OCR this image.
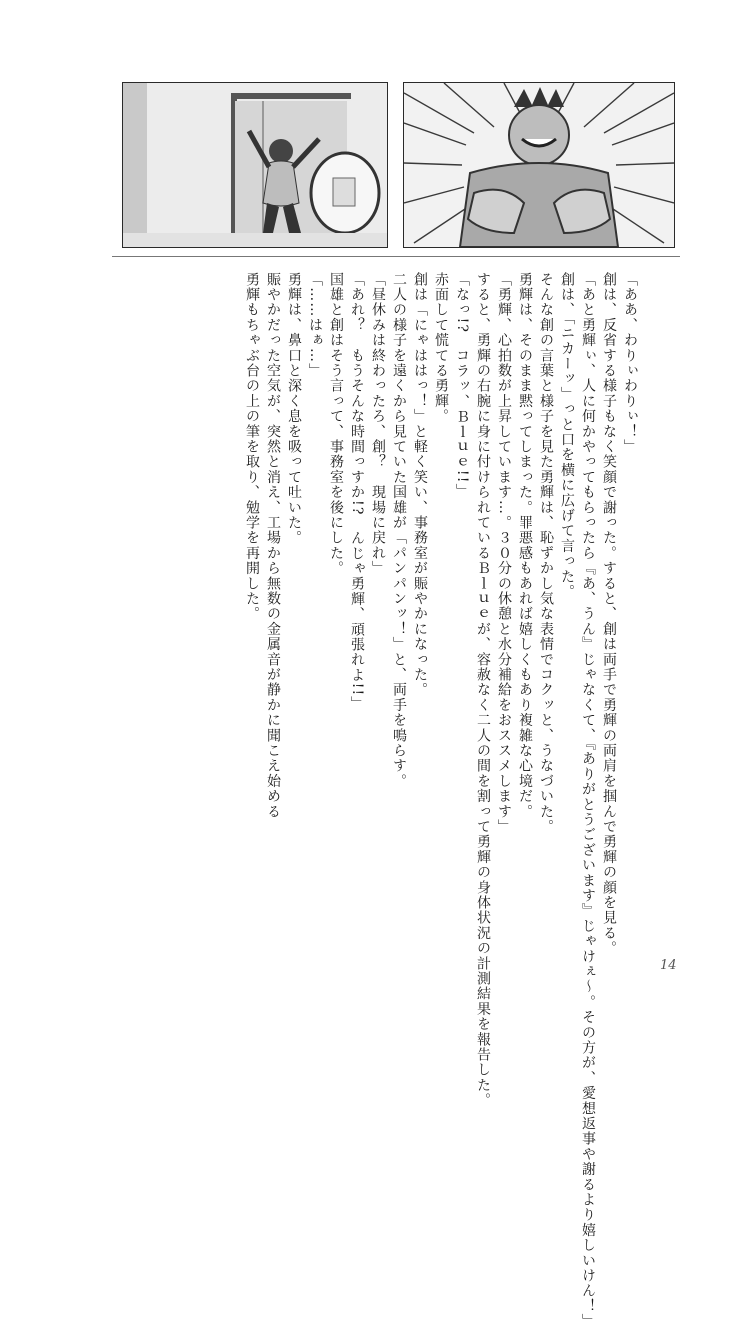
「ああ、わりぃわりぃ！」

創は、反省する様子もなく笑顔で謝った。すると、創は両手で勇輝の両肩を掴んで勇輝の顔を見る。

「あと勇輝ぃ、人に何かやってもらったら『あ、うん』じゃなくて、『ありがとうございます』じゃけぇ～。その方が、愛想返事や謝るより嬉しいけん！」

創は、「ニカーッ」っと口を横に広げて言った。

そんな創の言葉と様子を見た勇輝は、恥ずかし気な表情でコクッと、うなづいた。

勇輝は、そのまま黙ってしまった。罪悪感もあれば嬉しくもあり複雑な心境だ。

「勇輝、心拍数が上昇しています…。３０分の休憩と水分補給をおススメします」

すると、勇輝の右腕に身に付けられているＢｌｕｅが、容赦なく二人の間を割って勇輝の身体状況の計測結果を報告した。

「なっ!?　コラッ、Ｂｌｕｅ!!」

赤面して慌てる勇輝。

創は「にゃははっ！」と軽く笑い、事務室が賑やかになった。

二人の様子を遠くから見ていた国雄が「パンパンッ！」と、両手を鳴らす。

「昼休みは終わったろ、創？　現場に戻れ」

「あれ？　もうそんな時間っすか!?　んじゃ勇輝、頑張れよ!!」

国雄と創はそう言って、事務室を後にした。

「……はぁ…」

勇輝は、鼻口と深く息を吸って吐いた。

賑やかだった空気が、突然と消え、工場から無数の金属音が静かに聞こえ始める

勇輝もちゃぶ台の上の筆を取り、勉学を再開した。

14
